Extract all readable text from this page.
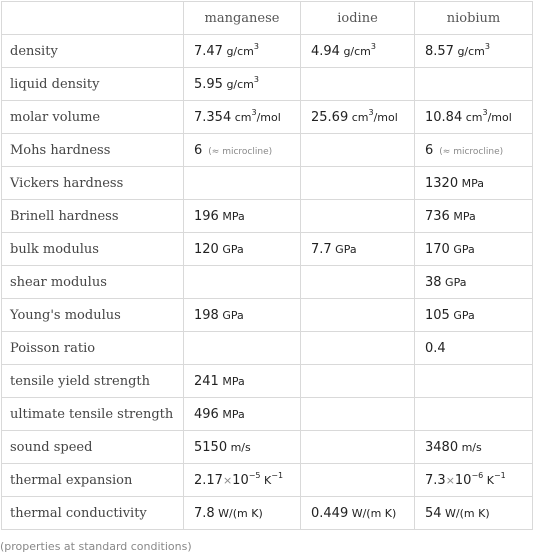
	manganese	iodine	niobium
density	7.47 $g/cm^3$	4.94 $g/cm^3$	8.57 $g/cm^3$
liquid density	5.95 $g/cm^3$		
molar volume	7.354 $cm^3$/mol	25.69 $cm^3$/mol	10.84 $cm^3$/mol
Mohs hardness	6 (≈ microcline)		6 (≈ microcline)
Vickers hardness			1320 MPa
Brinell hardness	196 MPa		736 MPa
bulk modulus	120 GPa	7.7 GPa	170 GPa
shear modulus			38 GPa
Young's modulus	198 GPa		105 GPa
Poisson ratio			0.4
tensile yield strength	241 MPa		
ultimate tensile strength	496 MPa		
sound speed	5150 m/s		3480 m/s
thermal expansion	$2.17\times 10^{-5}$ $K^{-1}$		$7.3\times 10^{-6}$ $K^{-1}$
thermal conductivity	7.8 W/(m K)	0.449 W/(m K)	54 W/(m K)
(properties at standard conditions)
